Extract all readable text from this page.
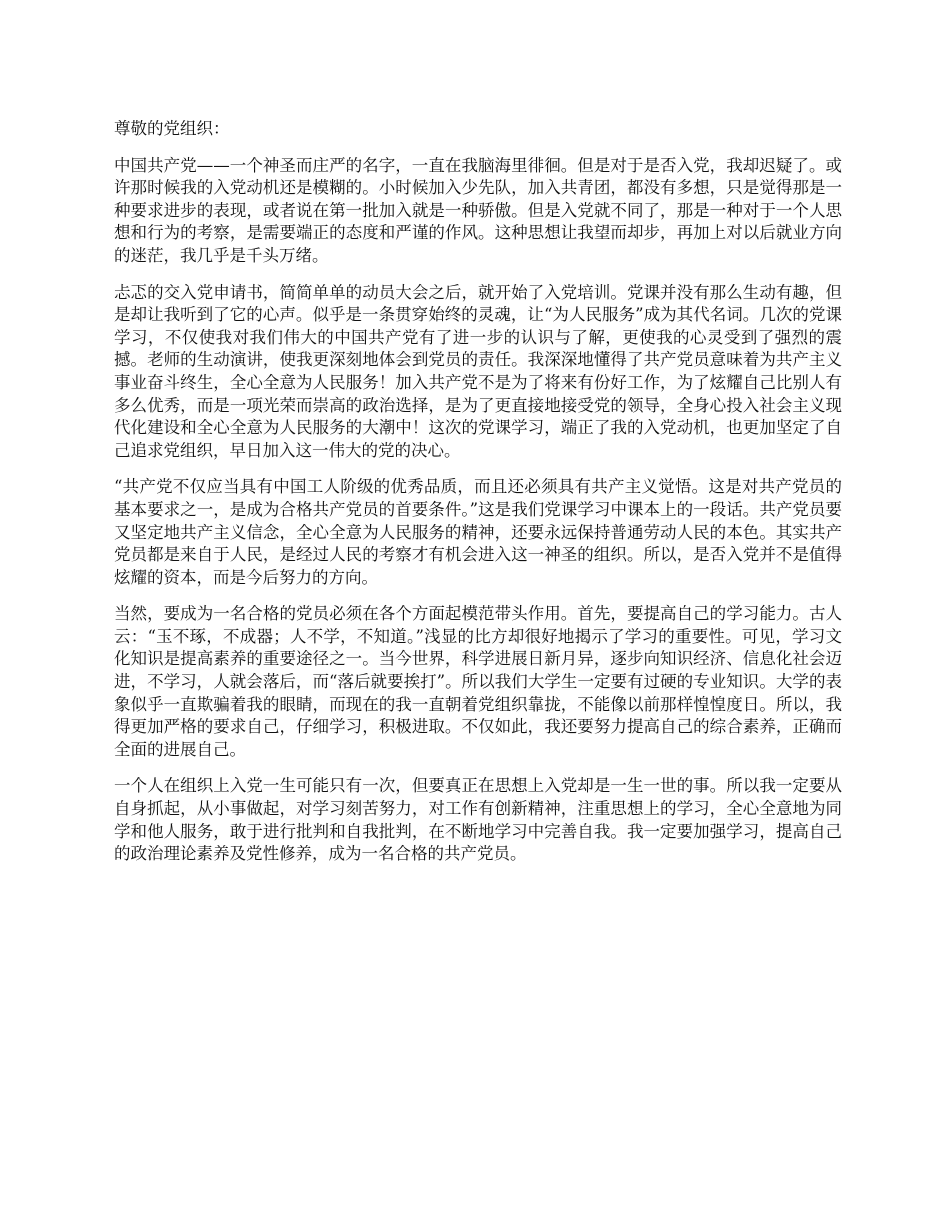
尊敬的党组织：

中国共产党——一个神圣而庄严的名字，一直在我脑海里徘徊。但是对于是否入党，我却迟疑了。或许那时候我的入党动机还是模糊的。小时候加入少先队，加入共青团，都没有多想，只是觉得那是一种要求进步的表现，或者说在第一批加入就是一种骄傲。但是入党就不同了，那是一种对于一个人思想和行为的考察，是需要端正的态度和严谨的作风。这种思想让我望而却步，再加上对以后就业方向的迷茫，我几乎是千头万绪。

忐忑的交入党申请书，简简单单的动员大会之后，就开始了入党培训。党课并没有那么生动有趣，但是却让我听到了它的心声。似乎是一条贯穿始终的灵魂，让“为人民服务”成为其代名词。几次的党课学习，不仅使我对我们伟大的中国共产党有了进一步的认识与了解，更使我的心灵受到了强烈的震撼。老师的生动演讲，使我更深刻地体会到党员的责任。我深深地懂得了共产党员意味着为共产主义事业奋斗终生，全心全意为人民服务！加入共产党不是为了将来有份好工作，为了炫耀自己比别人有多么优秀，而是一项光荣而崇高的政治选择，是为了更直接地接受党的领导，全身心投入社会主义现代化建设和全心全意为人民服务的大潮中！这次的党课学习，端正了我的入党动机，也更加坚定了自己追求党组织，早日加入这一伟大的党的决心。

“共产党不仅应当具有中国工人阶级的优秀品质，而且还必须具有共产主义觉悟。这是对共产党员的基本要求之一，是成为合格共产党员的首要条件。”这是我们党课学习中课本上的一段话。共产党员要又坚定地共产主义信念，全心全意为人民服务的精神，还要永远保持普通劳动人民的本色。其实共产党员都是来自于人民，是经过人民的考察才有机会进入这一神圣的组织。所以，是否入党并不是值得炫耀的资本，而是今后努力的方向。

当然，要成为一名合格的党员必须在各个方面起模范带头作用。首先，要提高自己的学习能力。古人云：“玉不琢，不成器；人不学，不知道。”浅显的比方却很好地揭示了学习的重要性。可见，学习文化知识是提高素养的重要途径之一。当今世界，科学进展日新月异，逐步向知识经济、信息化社会迈进，不学习，人就会落后，而“落后就要挨打”。所以我们大学生一定要有过硬的专业知识。大学的表象似乎一直欺骗着我的眼睛，而现在的我一直朝着党组织靠拢，不能像以前那样惶惶度日。所以，我得更加严格的要求自己，仔细学习，积极进取。不仅如此，我还要努力提高自己的综合素养，正确而全面的进展自己。

一个人在组织上入党一生可能只有一次，但要真正在思想上入党却是一生一世的事。所以我一定要从自身抓起，从小事做起，对学习刻苦努力，对工作有创新精神，注重思想上的学习，全心全意地为同学和他人服务，敢于进行批判和自我批判，在不断地学习中完善自我。我一定要加强学习，提高自己的政治理论素养及党性修养，成为一名合格的共产党员。
